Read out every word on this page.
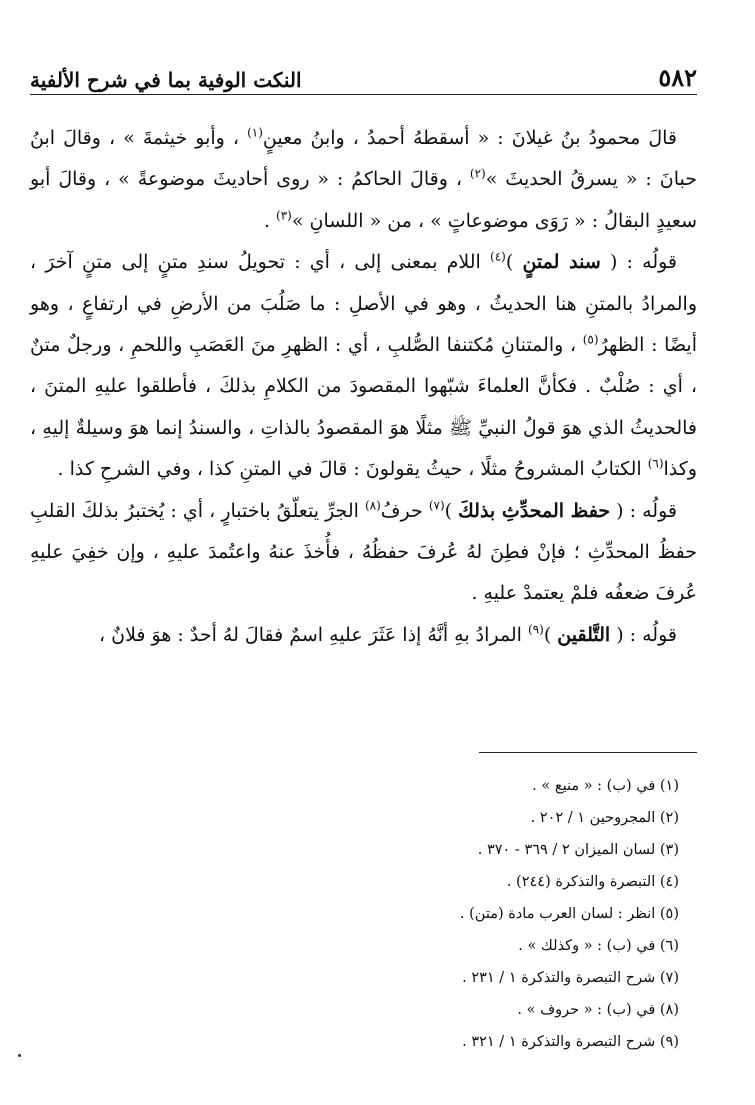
٥٨٢
النكت الوفية بما في شرح الألفية

قالَ محمودُ بنُ غيلانَ : « أسقطهُ أحمدُ ، وابنُ معينٍ$^{(١)}$ ، وأبو خيثمةَ » ، وقالَ ابنُ حبانَ : « يسرقُ الحديثَ »$^{(٢)}$ ، وقالَ الحاكمُ : « روى أحاديثَ موضوعةً » ، وقالَ أبو سعيدٍ البقالُ : « رَوَى موضوعاتٍ » ، من « اللسانِ »$^{(٣)}$ .

قولُه : ( سند لمتنٍ )$^{(٤)}$ اللام بمعنى إلى ، أي : تحويلُ سندِ متنٍ إلى متنٍ آخرَ ، والمرادُ بالمتنِ هنا الحديثُ ، وهو في الأصلِ : ما صَلُبَ من الأرضِ في ارتفاعٍ ، وهو أيضًا : الظهرُ$^{(٥)}$ ، والمتنانِ مُكتنفا الصُّلبِ ، أي : الظهرِ منَ العَصَبِ واللحمِ ، ورجلٌ متنٌ ، أي : صُلْبٌ . فكأنَّ العلماءَ شبّهوا المقصودَ من الكلامِ بذلكَ ، فأطلقوا عليهِ المتنَ ، فالحديثُ الذي هوَ قولُ النبيِّ ﷺ مثلًا هوَ المقصودُ بالذاتِ ، والسندُ إنما هوَ وسيلةٌ إليهِ ، وكذا$^{(٦)}$ الكتابُ المشروحُ مثلًا ، حيثُ يقولونَ : قالَ في المتنِ كذا ، وفي الشرحِ كذا .

قولُه : ( حفظ المحدِّثِ بذلكَ )$^{(٧)}$ حرفُ$^{(٨)}$ الجرِّ يتعلّقُ باختبارٍ ، أي : يُختبرُ بذلكَ القلبِ حفظُ المحدِّثِ ؛ فإنْ فطِنَ لهُ عُرفَ حفظُهُ ، فأُخذَ عنهُ واعتُمدَ عليهِ ، وإن خفِيَ عليهِ عُرفَ ضعفُه فلمْ يعتمدْ عليهِ .

قولُه : ( التَّلقين )$^{(٩)}$ المرادُ بهِ أنَّهُ إذا عَثَرَ عليهِ اسمٌ فقالَ لهُ أحدٌ : هوَ فلانٌ ،

(١) في (ب) : « منيع » .
(٢) المجروحين ١ / ٢٠٢ .
(٣) لسان الميزان ٢ / ٣٦٩ - ٣٧٠ .
(٤) التبصرة والتذكرة (٢٤٤) .
(٥) انظر : لسان العرب مادة (متن) .
(٦) في (ب) : « وكذلك » .
(٧) شرح التبصرة والتذكرة ١ / ٢٣١ .
(٨) في (ب) : « حروف » .
(٩) شرح التبصرة والتذكرة ١ / ٣٢١ .
